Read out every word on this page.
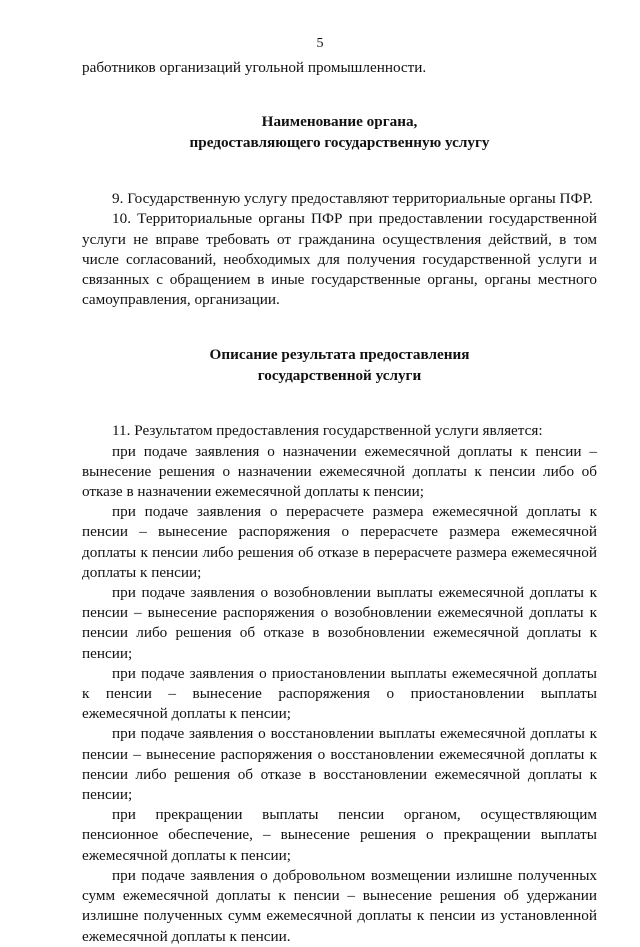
5

работников организаций угольной промышленности.

Наименование органа,

предоставляющего государственную услугу

9. Государственную услугу предоставляют территориальные органы ПФР.

10. Территориальные органы ПФР при предоставлении государственной услуги не вправе требовать от гражданина осуществления действий, в том числе согласований, необходимых для получения государственной услуги и связанных с обращением в иные государственные органы, органы местного самоуправления, организации.

Описание результата предоставления

государственной услуги

11. Результатом предоставления государственной услуги является:

при подаче заявления о назначении ежемесячной доплаты к пенсии – вынесение решения о назначении ежемесячной доплаты к пенсии либо об отказе в назначении ежемесячной доплаты к пенсии;

при подаче заявления о перерасчете размера ежемесячной доплаты к пенсии – вынесение распоряжения о перерасчете размера ежемесячной доплаты к пенсии либо решения об отказе в перерасчете размера ежемесячной доплаты к пенсии;

при подаче заявления о возобновлении выплаты ежемесячной доплаты к пенсии – вынесение распоряжения о возобновлении ежемесячной доплаты к пенсии либо решения об отказе в возобновлении ежемесячной доплаты к пенсии;

при подаче заявления о приостановлении выплаты ежемесячной доплаты к пенсии – вынесение распоряжения о приостановлении выплаты ежемесячной доплаты к пенсии;

при подаче заявления о восстановлении выплаты ежемесячной доплаты к пенсии – вынесение распоряжения о восстановлении ежемесячной доплаты к пенсии либо решения об отказе в восстановлении ежемесячной доплаты к пенсии;

при прекращении выплаты пенсии органом, осуществляющим пенсионное обеспечение, – вынесение решения о прекращении выплаты ежемесячной доплаты к пенсии;

при подаче заявления о добровольном возмещении излишне полученных сумм ежемесячной доплаты к пенсии – вынесение решения об удержании излишне полученных сумм ежемесячной доплаты к пенсии из установленной ежемесячной доплаты к пенсии.
